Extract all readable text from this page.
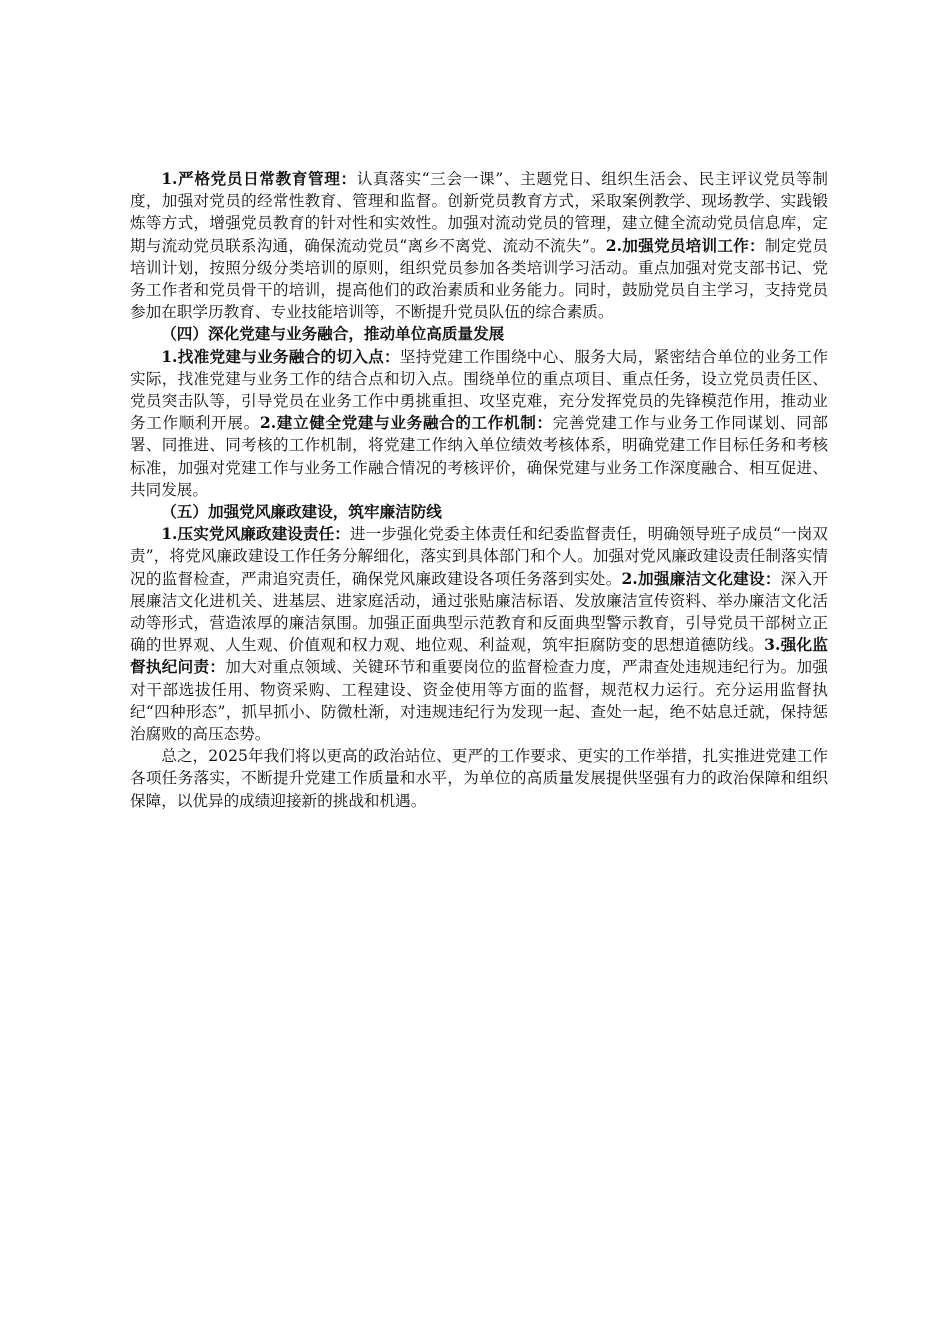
1.严格党员日常教育管理：认真落实“三会一课”、主题党日、组织生活会、民主评议党员等制度，加强对党员的经常性教育、管理和监督。创新党员教育方式，采取案例教学、现场教学、实践锻炼等方式，增强党员教育的针对性和实效性。加强对流动党员的管理，建立健全流动党员信息库，定期与流动党员联系沟通，确保流动党员“离乡不离党、流动不流失”。2.加强党员培训工作：制定党员培训计划，按照分级分类培训的原则，组织党员参加各类培训学习活动。重点加强对党支部书记、党务工作者和党员骨干的培训，提高他们的政治素质和业务能力。同时，鼓励党员自主学习，支持党员参加在职学历教育、专业技能培训等，不断提升党员队伍的综合素质。

（四）深化党建与业务融合，推动单位高质量发展

1.找准党建与业务融合的切入点：坚持党建工作围绕中心、服务大局，紧密结合单位的业务工作实际，找准党建与业务工作的结合点和切入点。围绕单位的重点项目、重点任务，设立党员责任区、党员突击队等，引导党员在业务工作中勇挑重担、攻坚克难，充分发挥党员的先锋模范作用，推动业务工作顺利开展。2.建立健全党建与业务融合的工作机制：完善党建工作与业务工作同谋划、同部署、同推进、同考核的工作机制，将党建工作纳入单位绩效考核体系，明确党建工作目标任务和考核标准，加强对党建工作与业务工作融合情况的考核评价，确保党建与业务工作深度融合、相互促进、共同发展。

（五）加强党风廉政建设，筑牢廉洁防线

1.压实党风廉政建设责任：进一步强化党委主体责任和纪委监督责任，明确领导班子成员“一岗双责”，将党风廉政建设工作任务分解细化，落实到具体部门和个人。加强对党风廉政建设责任制落实情况的监督检查，严肃追究责任，确保党风廉政建设各项任务落到实处。2.加强廉洁文化建设：深入开展廉洁文化进机关、进基层、进家庭活动，通过张贴廉洁标语、发放廉洁宣传资料、举办廉洁文化活动等形式，营造浓厚的廉洁氛围。加强正面典型示范教育和反面典型警示教育，引导党员干部树立正确的世界观、人生观、价值观和权力观、地位观、利益观，筑牢拒腐防变的思想道德防线。3.强化监督执纪问责：加大对重点领域、关键环节和重要岗位的监督检查力度，严肃查处违规违纪行为。加强对干部选拔任用、物资采购、工程建设、资金使用等方面的监督，规范权力运行。充分运用监督执纪“四种形态”，抓早抓小、防微杜渐，对违规违纪行为发现一起、查处一起，绝不姑息迁就，保持惩治腐败的高压态势。

总之，2025年我们将以更高的政治站位、更严的工作要求、更实的工作举措，扎实推进党建工作各项任务落实，不断提升党建工作质量和水平，为单位的高质量发展提供坚强有力的政治保障和组织保障，以优异的成绩迎接新的挑战和机遇。
